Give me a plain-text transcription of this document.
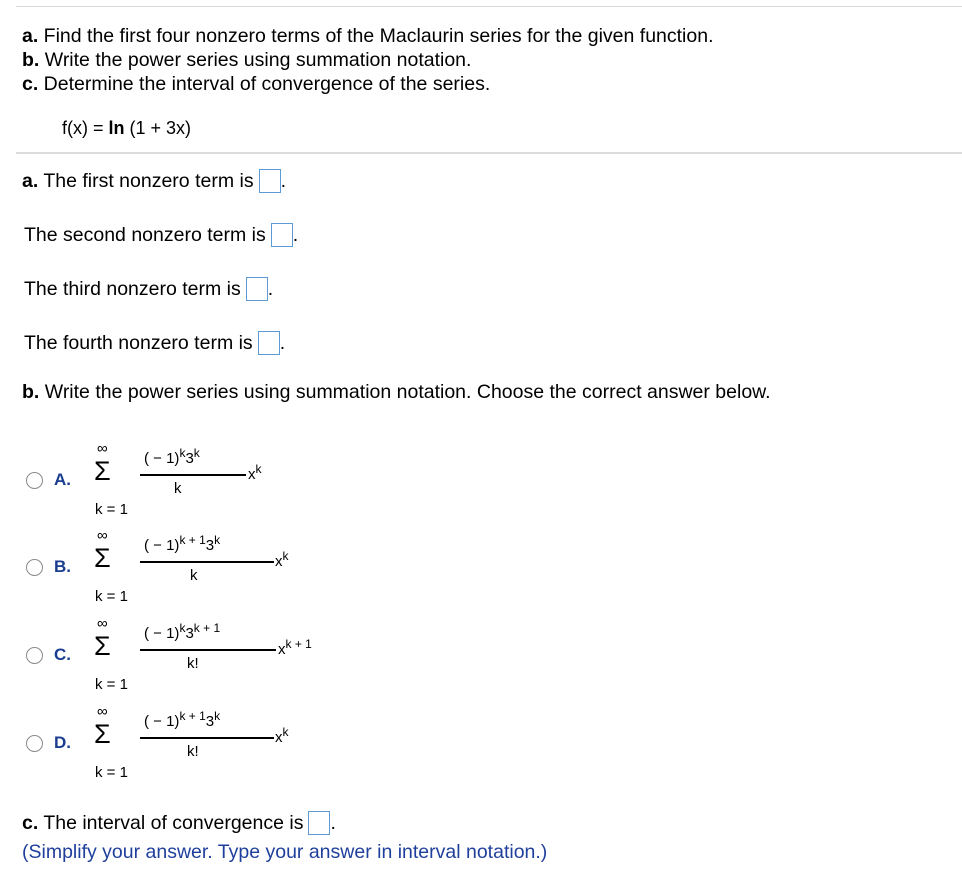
a. Find the first four nonzero terms of the Maclaurin series for the given function.
b. Write the power series using summation notation.
c. Determine the interval of convergence of the series.
f(x) = ln (1 + 3x)
a. The first nonzero term is .
The second nonzero term is .
The third nonzero term is .
The fourth nonzero term is .
b. Write the power series using summation notation. Choose the correct answer below.
A.
∞
Σ
k = 1
( − $1)^k3^k$
k
$x^k$
B.
∞
Σ
k = 1
( − $1)^{k + 1}3^k$
k
$x^k$
C.
∞
Σ
k = 1
( − $1)^k3^{k + 1}$
k!
$x^{k + 1}$
D.
∞
Σ
k = 1
( − $1)^{k + 1}3^k$
k!
$x^k$
c. The interval of convergence is .
(Simplify your answer. Type your answer in interval notation.)
